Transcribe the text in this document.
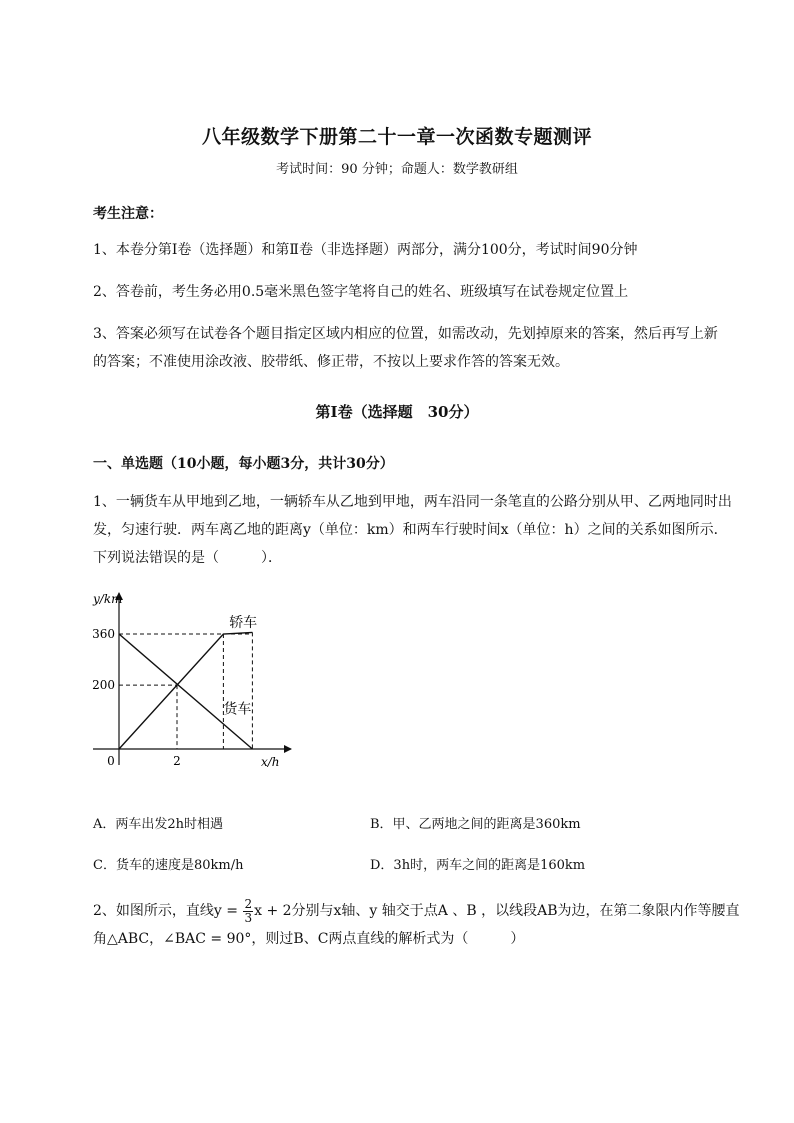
八年级数学下册第二十一章一次函数专题测评
考试时间：90 分钟；命题人：数学教研组
考生注意：
1、本卷分第Ⅰ卷（选择题）和第Ⅱ卷（非选择题）两部分，满分100分，考试时间90分钟
2、答卷前，考生务必用0.5毫米黑色签字笔将自己的姓名、班级填写在试卷规定位置上
3、答案必须写在试卷各个题目指定区域内相应的位置，如需改动，先划掉原来的答案，然后再写上新的答案；不准使用涂改液、胶带纸、修正带，不按以上要求作答的答案无效。
第Ⅰ卷（选择题　30分）
一、单选题（10小题，每小题3分，共计30分）
1、一辆货车从甲地到乙地，一辆轿车从乙地到甲地，两车沿同一条笔直的公路分别从甲、乙两地同时出发，匀速行驶．两车离乙地的距离y（单位：km）和两车行驶时间x（单位：h）之间的关系如图所示．下列说法错误的是（　　　）．
轿车
货车
200
360
2
0
y/km
x/h
A．两车出发2h时相遇	B．甲、乙两地之间的距离是360km
C．货车的速度是80km/h	D．3h时，两车之间的距离是160km
2、如图所示，直线$y = \frac{2}{3}$ x + 2分别与x轴、y 轴交于点A 、B ，以线段AB为边，在第二象限内作等腰直角△ABC，∠BAC = 90°，则过B、C两点直线的解析式为（　　　）
